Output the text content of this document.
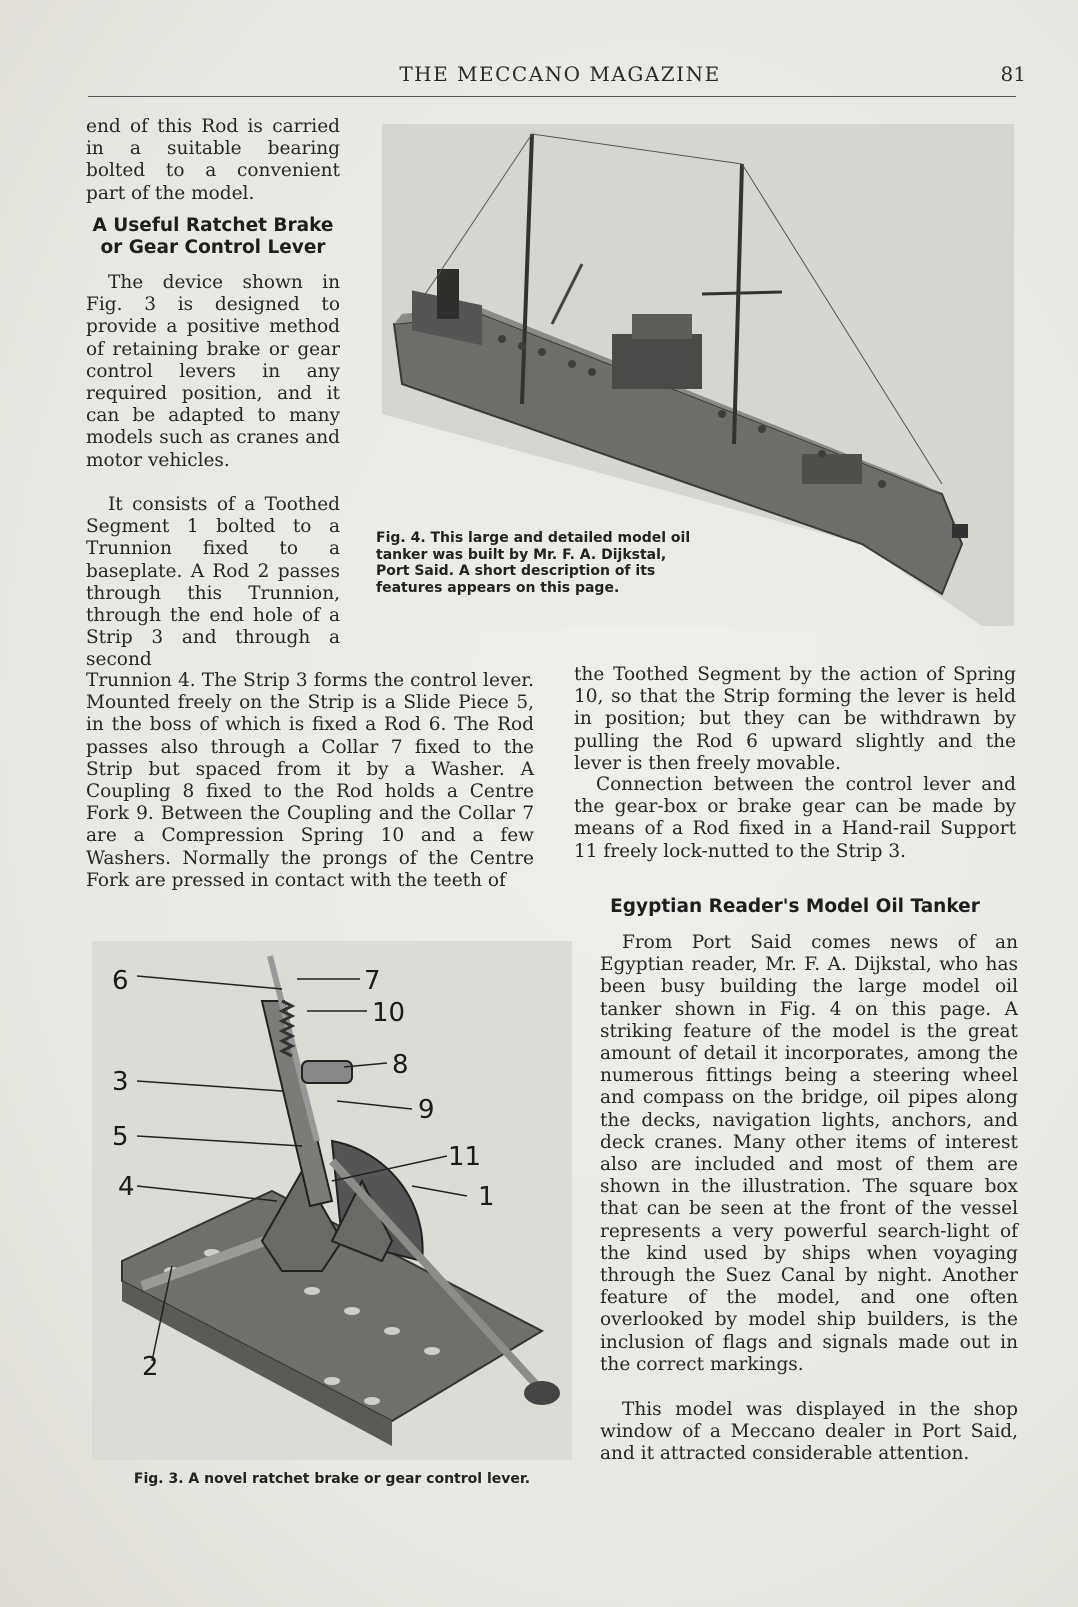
THE MECCANO MAGAZINE	81

end of this Rod is carried in a suitable bearing bolted to a convenient part of the model.

A Useful Ratchet Brake or Gear Control Lever

The device shown in Fig. 3 is designed to provide a positive method of retaining brake or gear control levers in any required position, and it can be adapted to many models such as cranes and motor vehicles.

It consists of a Toothed Segment 1 bolted to a Trunnion fixed to a baseplate. A Rod 2 passes through this Trunnion, through the end hole of a Strip 3 and through a second

Trunnion 4. The Strip 3 forms the control lever. Mounted freely on the Strip is a Slide Piece 5, in the boss of which is fixed a Rod 6. The Rod passes also through a Collar 7 fixed to the Strip but spaced from it by a Washer. A Coupling 8 fixed to the Rod holds a Centre Fork 9. Between the Coupling and the Collar 7 are a Compression Spring 10 and a few Washers. Normally the prongs of the Centre Fork are pressed in contact with the teeth of

Fig. 4. This large and detailed model oil tanker was built by Mr. F. A. Dijkstal, Port Said. A short description of its features appears on this page.

the Toothed Segment by the action of Spring 10, so that the Strip forming the lever is held in position; but they can be withdrawn by pulling the Rod 6 upward slightly and the lever is then freely movable.

Connection between the control lever and the gear-box or brake gear can be made by means of a Rod fixed in a Hand-rail Support 11 freely lock-nutted to the Strip 3.

Egyptian Reader's Model Oil Tanker

From Port Said comes news of an Egyptian reader, Mr. F. A. Dijkstal, who has been busy building the large model oil tanker shown in Fig. 4 on this page. A striking feature of the model is the great amount of detail it incorporates, among the numerous fittings being a steering wheel and compass on the bridge, oil pipes along the decks, navigation lights, anchors, and deck cranes. Many other items of interest also are included and most of them are shown in the illustration. The square box that can be seen at the front of the vessel represents a very powerful search-light of the kind used by ships when voyaging through the Suez Canal by night. Another feature of the model, and one often overlooked by model ship builders, is the inclusion of flags and signals made out in the correct markings.

This model was displayed in the shop window of a Meccano dealer in Port Said, and it attracted considerable attention.

6	7
10
8
3
9
5
11
4	1
2
Fig. 3. A novel ratchet brake or gear control lever.
